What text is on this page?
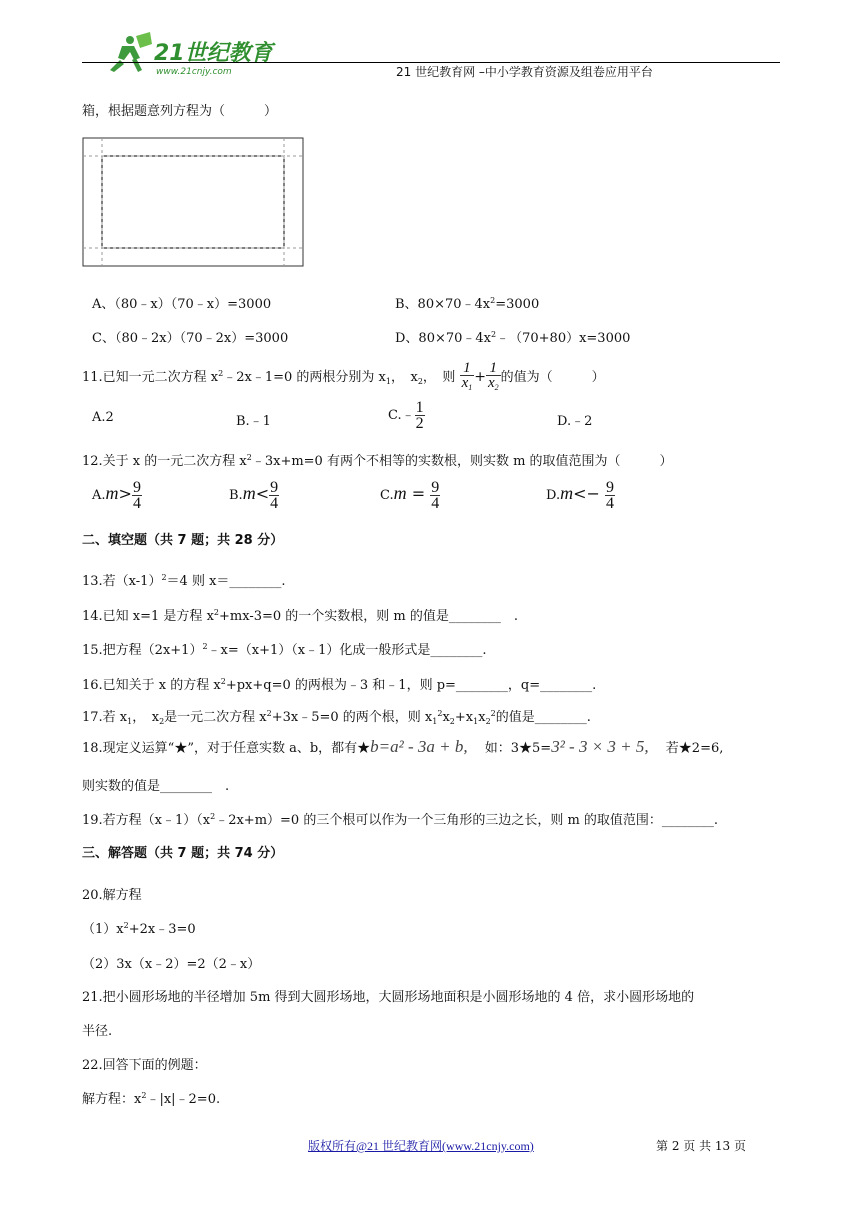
21世纪教育
www.21cnjy.com	21 世纪教育网 –中小学教育资源及组卷应用平台
箱，根据题意列方程为（　　　）
A、（80﹣x）（70﹣x）=3000	B、$80\times 70﹣4x^2=3000$
C、（80﹣2x）（70﹣2x）=3000	D、$80\times 70﹣4x^2﹣(70+80)x=3000$
11.已知一元二次方程 $x^2﹣2x﹣1=0$ 的两根分别为 $x_1$，　$x_2$，　则 $\frac{1}{x_1} + \frac{1}{x_2}$ 的值为（　　　）
A.2	B.﹣1	C.﹣ $\frac{1}{2}$	D.﹣2
12.关于 x 的一元二次方程 $x^2﹣3x+m=0$ 有两个不相等的实数根，则实数 m 的取值范围为（　　　）
$A.m> \frac{9}{4}$	$B.m< \frac{9}{4}$	$C.m = \frac{9}{4}$	$D.m<- \frac{9}{4}$
二、填空题（共 7 题；共 28 分）
13.若$(x-1)^2=4$ 则 x＝________.
14.已知 x=1 是方程 $x^2+mx-3=0$ 的一个实数根，则 m 的值是________　.
15.把方程$(2x+1)^2﹣x=(x+1)(x﹣1)$化成一般形式是________.
16.已知关于 x 的方程 $x^2+px+q=0$ 的两根为﹣3 和﹣1，则 p=________，q=________.
17.若 $x_1$，　$x_2$是一元二次方程 $x^2+3x﹣5=0$ 的两个根，则 $x_1^2x_2+x_1x_2^2$的值是________.
18.现定义运算“★”，对于任意实数 a、b，都有★b=a² - 3a + b,　 如：3★5=3² - 3 × 3 + 5,　 若★2=6,
则实数的值是________　.
19.若方程$(x﹣1)(x^2﹣2x+m)=0$ 的三个根可以作为一个三角形的三边之长，则 m 的取值范围：________.
三、解答题（共 7 题；共 74 分）
20.解方程
$(1)x^2+2x﹣3=0$
（2）3x（x﹣2）=2（2﹣x）
21.把小圆形场地的半径增加 5m 得到大圆形场地，大圆形场地面积是小圆形场地的 4 倍，求小圆形场地的
半径.
22.回答下面的例题：
解方程：$x^2﹣|x|﹣2=0$.
版权所有@21 世纪教育网(www.21cnjy.com)	第 2 页 共 13 页
